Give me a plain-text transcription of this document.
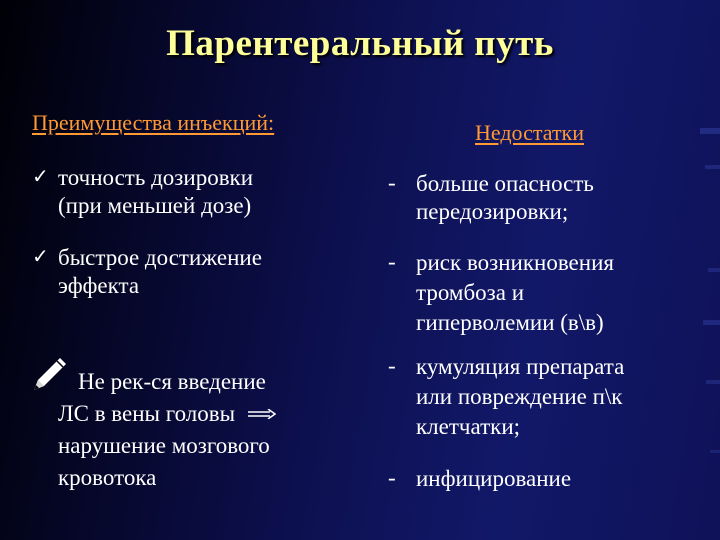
Парентеральный путь
Преимущества инъекций:	Недостатки
✓ точность дозировки
(при меньшей дозе)
✓ быстрое достижение
эффекта
Не рек-ся введение
ЛС в вены головы
нарушение мозгового
кровотока
- больше опасность
передозировки;
- риск возникновения
тромбоза и
гиперволемии (в\в)
- кумуляция препарата
или повреждение п\к
клетчатки;
- инфицирование
